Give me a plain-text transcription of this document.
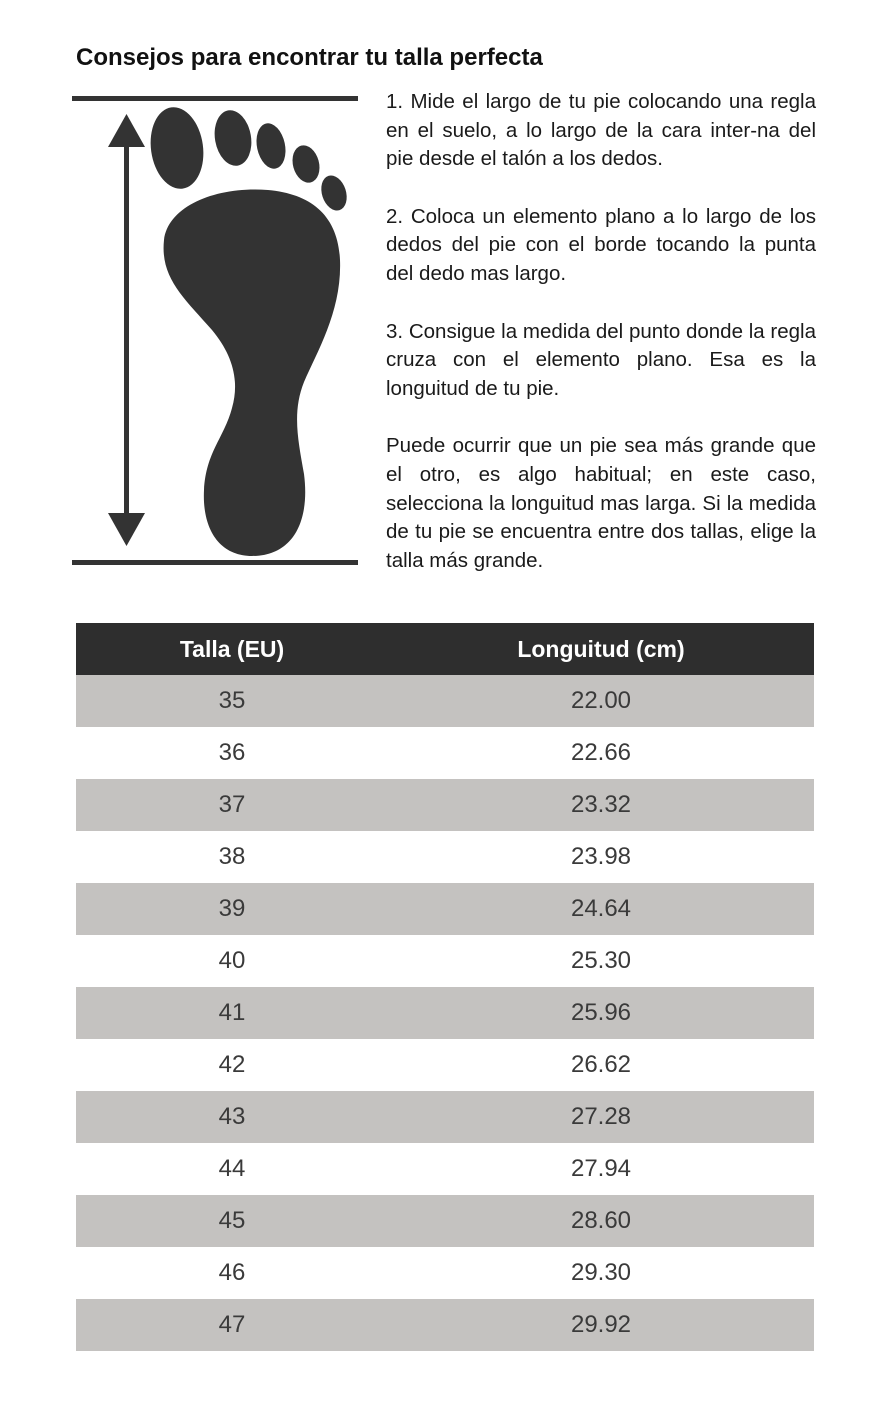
Consejos para encontrar tu talla perfecta

1. Mide el largo de tu pie colocando una regla en el suelo, a lo largo de la cara inter-na del pie desde el talón a los dedos.

2. Coloca un elemento plano a lo largo de los dedos del pie con el borde tocando la punta del dedo mas largo.

3. Consigue la medida del punto donde la regla cruza con el elemento plano. Esa es la longuitud de tu pie.

Puede ocurrir que un pie sea más grande que el otro, es algo habitual; en este caso, selecciona la longuitud mas larga. Si la medida de tu pie se encuentra entre dos tallas, elige la talla más grande.

Talla (EU)	Longuitud (cm)
35	22.00
36	22.66
37	23.32
38	23.98
39	24.64
40	25.30
41	25.96
42	26.62
43	27.28
44	27.94
45	28.60
46	29.30
47	29.92
